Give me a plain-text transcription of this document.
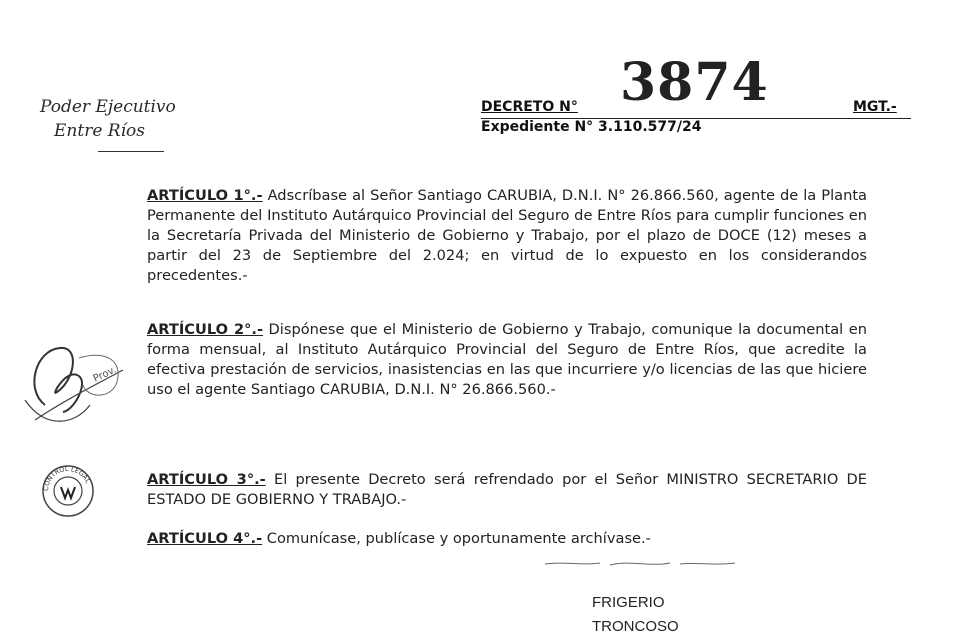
Poder Ejecutivo
Entre Ríos
3874
DECRETO N°	MGT.-
Expediente N° 3.110.577/24
ARTÍCULO 1°.- Adscríbase al Señor Santiago CARUBIA, D.N.I. N° 26.866.560, agente de la Planta Permanente del Instituto Autárquico Provincial del Seguro de Entre Ríos para cumplir funciones en la Secretaría Privada del Ministerio de Gobierno y Trabajo, por el plazo de DOCE (12) meses a partir del 23 de Septiembre del 2.024; en virtud de lo expuesto en los considerandos precedentes.-
ARTÍCULO 2°.- Dispónese que el Ministerio de Gobierno y Trabajo, comunique la documental en forma mensual, al Instituto Autárquico Provincial del Seguro de Entre Ríos, que acredite la efectiva prestación de servicios, inasistencias en las que incurriere y/o licencias de las que hiciere uso el agente Santiago CARUBIA, D.N.I. N° 26.866.560.-
ARTÍCULO 3°.- El presente Decreto será refrendado por el Señor MINISTRO SECRETARIO DE ESTADO DE GOBIERNO Y TRABAJO.-
ARTÍCULO 4°.- Comunícase, publícase y oportunamente archívase.-
Prov.
CONTROL LEGAL
FRIGERIO
TRONCOSO
